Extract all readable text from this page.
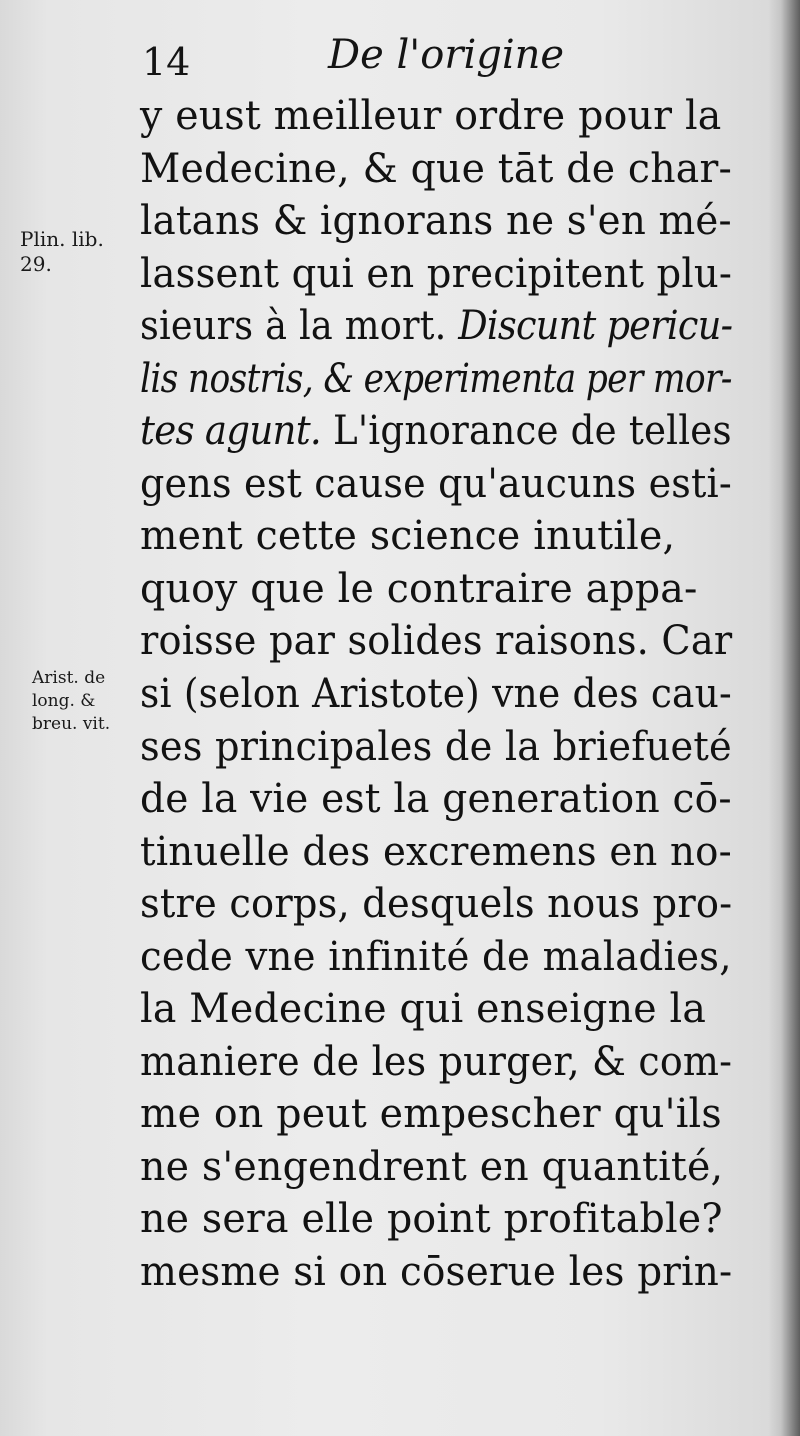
14	De l'origine
Plin. lib.
29.
Arist. de
long. &
breu. vit.
y eust meilleur ordre pour la
Medecine, & que tāt de char-
latans & ignorans ne s'en mé-
lassent qui en precipitent plu-
sieurs à la mort. Discunt pericu-
lis nostris, & experimenta per mor-
tes agunt. L'ignorance de telles
gens est cause qu'aucuns esti-
ment cette science inutile,
quoy que le contraire appa-
roisse par solides raisons. Car
si (selon Aristote) vne des cau-
ses principales de la briefueté
de la vie est la generation cō-
tinuelle des excremens en no-
stre corps, desquels nous pro-
cede vne infinité de maladies,
la Medecine qui enseigne la
maniere de les purger, & com-
me on peut empescher qu'ils
ne s'engendrent en quantité,
ne sera elle point profitable?
mesme si on cōserue les prin-
